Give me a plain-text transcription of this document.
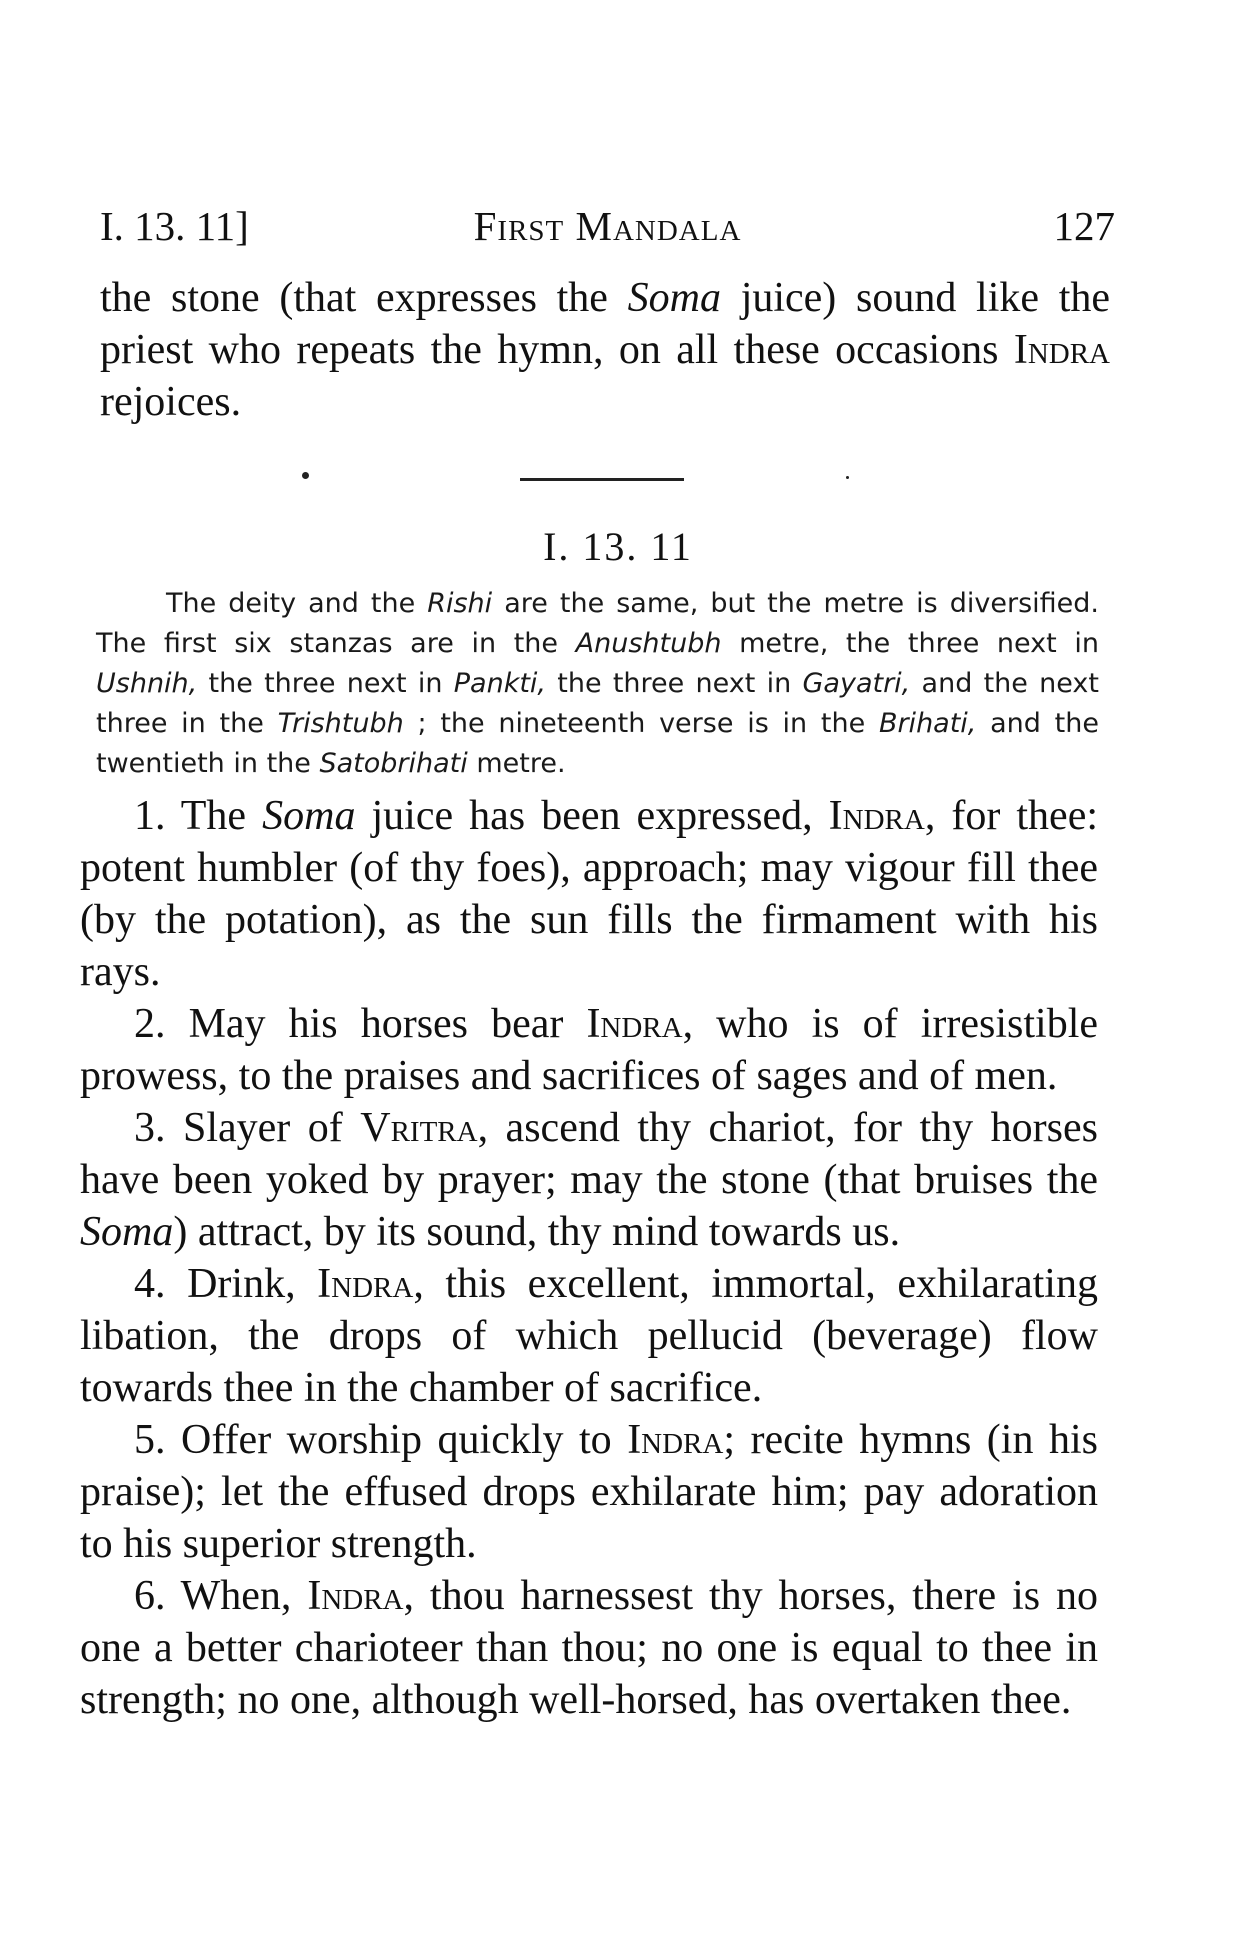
I. 13. 11]	First Mandala	127

the stone (that expresses the Soma juice) sound like the priest who repeats the hymn, on all these occasions Indra rejoices.

I. 13. 11

The deity and the Rishi are the same, but the metre is diversified. The first six stanzas are in the Anushtubh metre, the three next in Ushnih, the three next in Pankti, the three next in Gayatri, and the next three in the Trishtubh ; the nineteenth verse is in the Brihati, and the twentieth in the Satobrihati metre.

1. The Soma juice has been expressed, Indra, for thee: potent humbler (of thy foes), approach; may vigour fill thee (by the potation), as the sun fills the firmament with his rays.
2. May his horses bear Indra, who is of irresistible prowess, to the praises and sacrifices of sages and of men.
3. Slayer of Vritra, ascend thy chariot, for thy horses have been yoked by prayer; may the stone (that bruises the Soma) attract, by its sound, thy mind towards us.
4. Drink, Indra, this excellent, immortal, exhilarating libation, the drops of which pellucid (beverage) flow towards thee in the chamber of sacrifice.
5. Offer worship quickly to Indra; recite hymns (in his praise); let the effused drops exhilarate him; pay adoration to his superior strength.
6. When, Indra, thou harnessest thy horses, there is no one a better charioteer than thou; no one is equal to thee in strength; no one, although well-horsed, has overtaken thee.
